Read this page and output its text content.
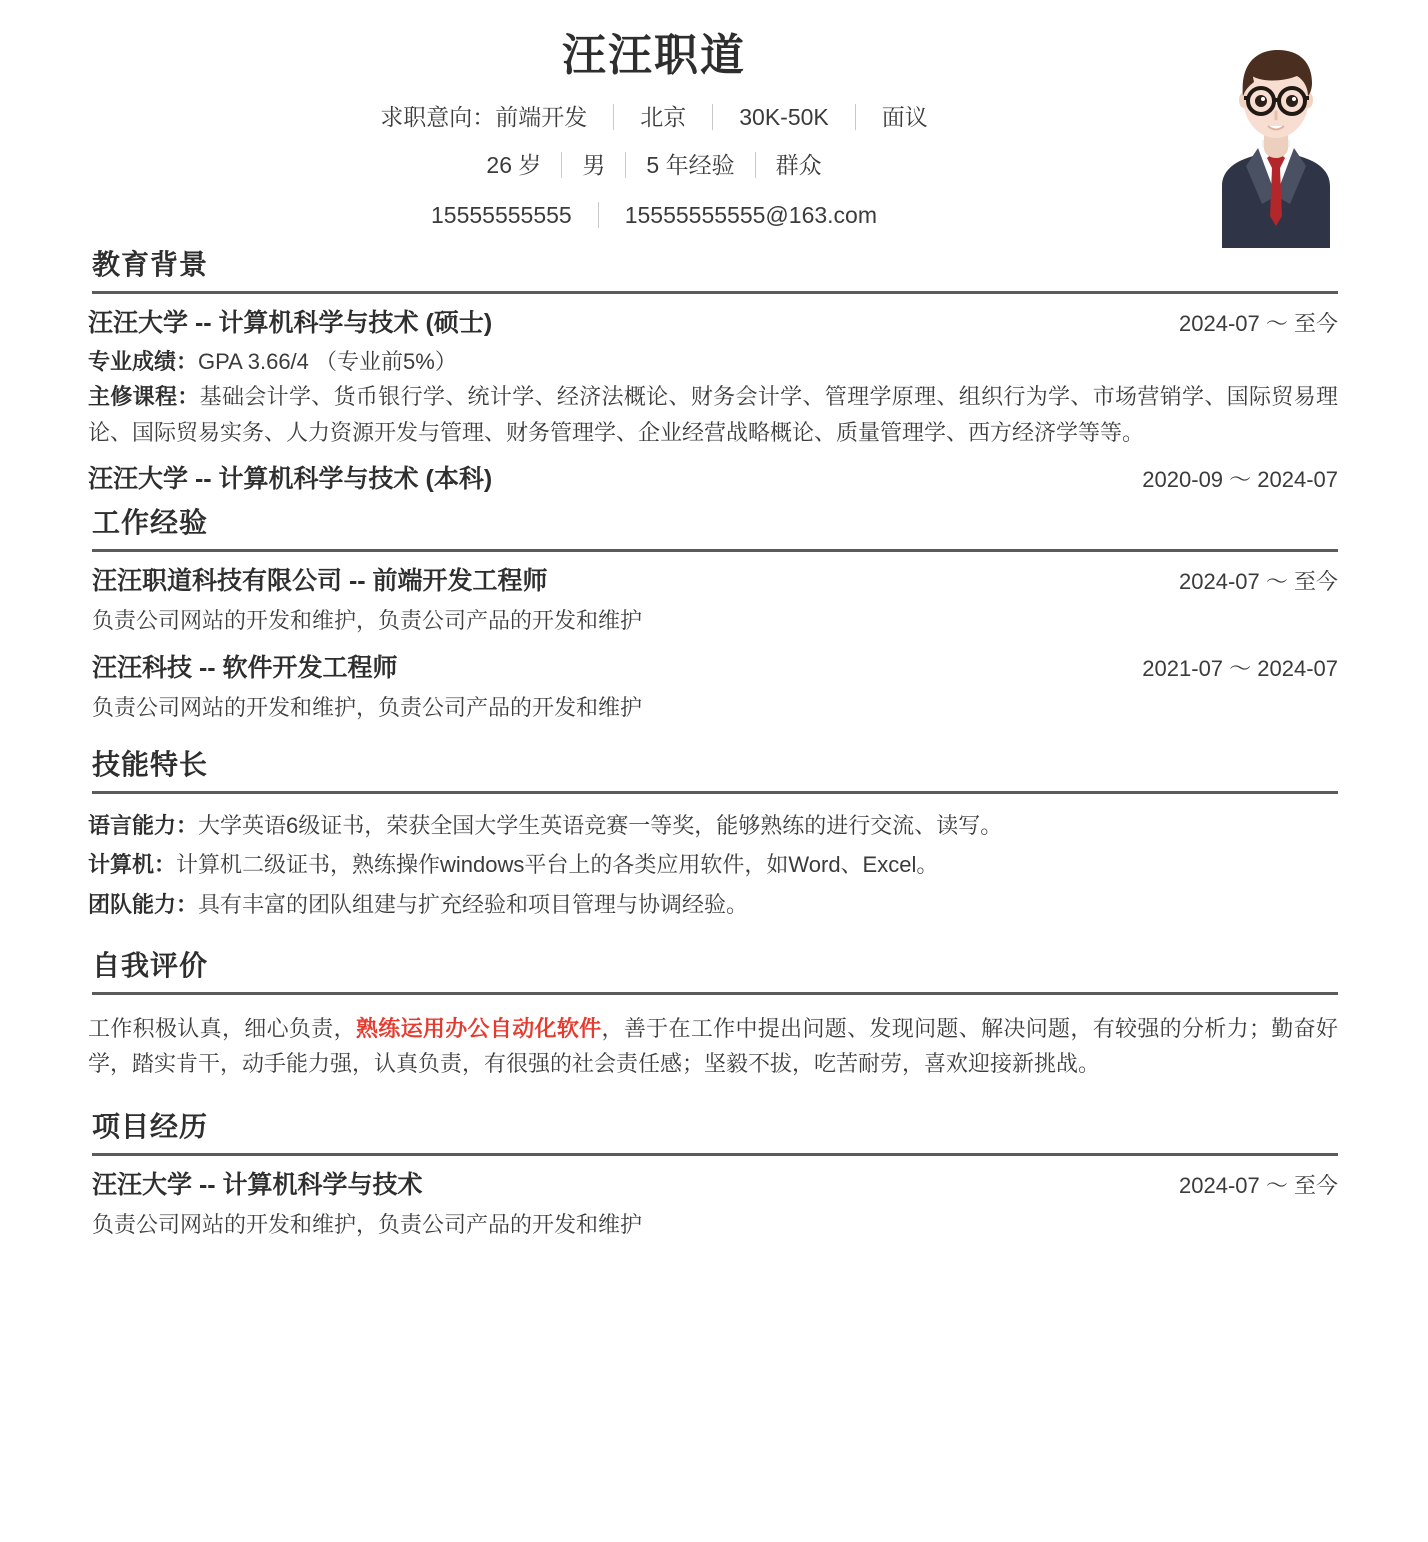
汪汪职道
求职意向： 前端开发 北京 30K-50K 面议
26 岁 男 5 年经验 群众
15555555555 15555555555@163.com
教育背景
汪汪大学 -- 计算机科学与技术 (硕士)	2024-07 ～ 至今
专业成绩：GPA 3.66/4 （专业前5%）
主修课程：基础会计学、货币银行学、统计学、经济法概论、财务会计学、管理学原理、组织行为学、市场营销学、国际贸易理论、国际贸易实务、人力资源开发与管理、财务管理学、企业经营战略概论、质量管理学、西方经济学等等。
汪汪大学 -- 计算机科学与技术 (本科)	2020-09 ～ 2024-07
工作经验
汪汪职道科技有限公司 -- 前端开发工程师	2024-07 ～ 至今
负责公司网站的开发和维护，负责公司产品的开发和维护
汪汪科技 -- 软件开发工程师	2021-07 ～ 2024-07
负责公司网站的开发和维护，负责公司产品的开发和维护
技能特长
语言能力：大学英语6级证书，荣获全国大学生英语竞赛一等奖，能够熟练的进行交流、读写。
计算机：计算机二级证书，熟练操作windows平台上的各类应用软件，如Word、Excel。
团队能力：具有丰富的团队组建与扩充经验和项目管理与协调经验。
自我评价
工作积极认真，细心负责，熟练运用办公自动化软件，善于在工作中提出问题、发现问题、解决问题，有较强的分析力；勤奋好学，踏实肯干，动手能力强，认真负责，有很强的社会责任感；坚毅不拔，吃苦耐劳，喜欢迎接新挑战。
项目经历
汪汪大学 -- 计算机科学与技术	2024-07 ～ 至今
负责公司网站的开发和维护，负责公司产品的开发和维护
